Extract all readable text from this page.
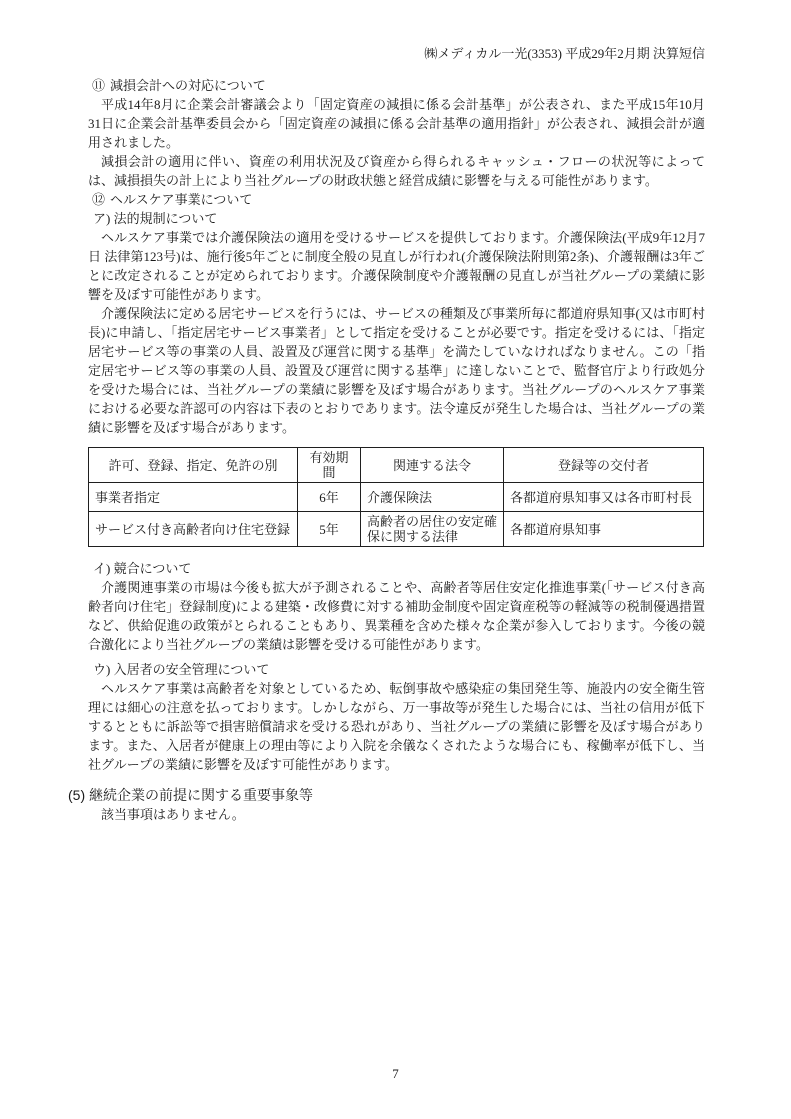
㈱メディカル一光(3353) 平成29年2月期 決算短信
⑪ 減損会計への対応について

平成14年8月に企業会計審議会より「固定資産の減損に係る会計基準」が公表され、また平成15年10月31日に企業会計基準委員会から「固定資産の減損に係る会計基準の適用指針」が公表され、減損会計が適用されました。

減損会計の適用に伴い、資産の利用状況及び資産から得られるキャッシュ・フローの状況等によっては、減損損失の計上により当社グループの財政状態と経営成績に影響を与える可能性があります。

⑫ ヘルスケア事業について
ア) 法的規制について

ヘルスケア事業では介護保険法の適用を受けるサービスを提供しております。介護保険法(平成9年12月7日 法律第123号)は、施行後5年ごとに制度全般の見直しが行われ(介護保険法附則第2条)、介護報酬は3年ごとに改定されることが定められております。介護保険制度や介護報酬の見直しが当社グループの業績に影響を及ぼす可能性があります。

介護保険法に定める居宅サービスを行うには、サービスの種類及び事業所毎に都道府県知事(又は市町村長)に申請し、「指定居宅サービス事業者」として指定を受けることが必要です。指定を受けるには、「指定居宅サービス等の事業の人員、設置及び運営に関する基準」を満たしていなければなりません。この「指定居宅サービス等の事業の人員、設置及び運営に関する基準」に達しないことで、監督官庁より行政処分を受けた場合には、当社グループの業績に影響を及ぼす場合があります。当社グループのヘルスケア事業における必要な許認可の内容は下表のとおりであります。法令違反が発生した場合は、当社グループの業績に影響を及ぼす場合があります。

許可、登録、指定、免許の別	有効期間	関連する法令	登録等の交付者
事業者指定	6年	介護保険法	各都道府県知事又は各市町村長
サービス付き高齢者向け住宅登録	5年	高齢者の居住の安定確保に関する法律	各都道府県知事
イ) 競合について

介護関連事業の市場は今後も拡大が予測されることや、高齢者等居住安定化推進事業(「サービス付き高齢者向け住宅」登録制度)による建築・改修費に対する補助金制度や固定資産税等の軽減等の税制優遇措置など、供給促進の政策がとられることもあり、異業種を含めた様々な企業が参入しております。今後の競合激化により当社グループの業績は影響を受ける可能性があります。

ウ) 入居者の安全管理について

ヘルスケア事業は高齢者を対象としているため、転倒事故や感染症の集団発生等、施設内の安全衛生管理には細心の注意を払っております。しかしながら、万一事故等が発生した場合には、当社の信用が低下するとともに訴訟等で損害賠償請求を受ける恐れがあり、当社グループの業績に影響を及ぼす場合があります。また、入居者が健康上の理由等により入院を余儀なくされたような場合にも、稼働率が低下し、当社グループの業績に影響を及ぼす可能性があります。

(5) 継続企業の前提に関する重要事象等
該当事項はありません。
7
